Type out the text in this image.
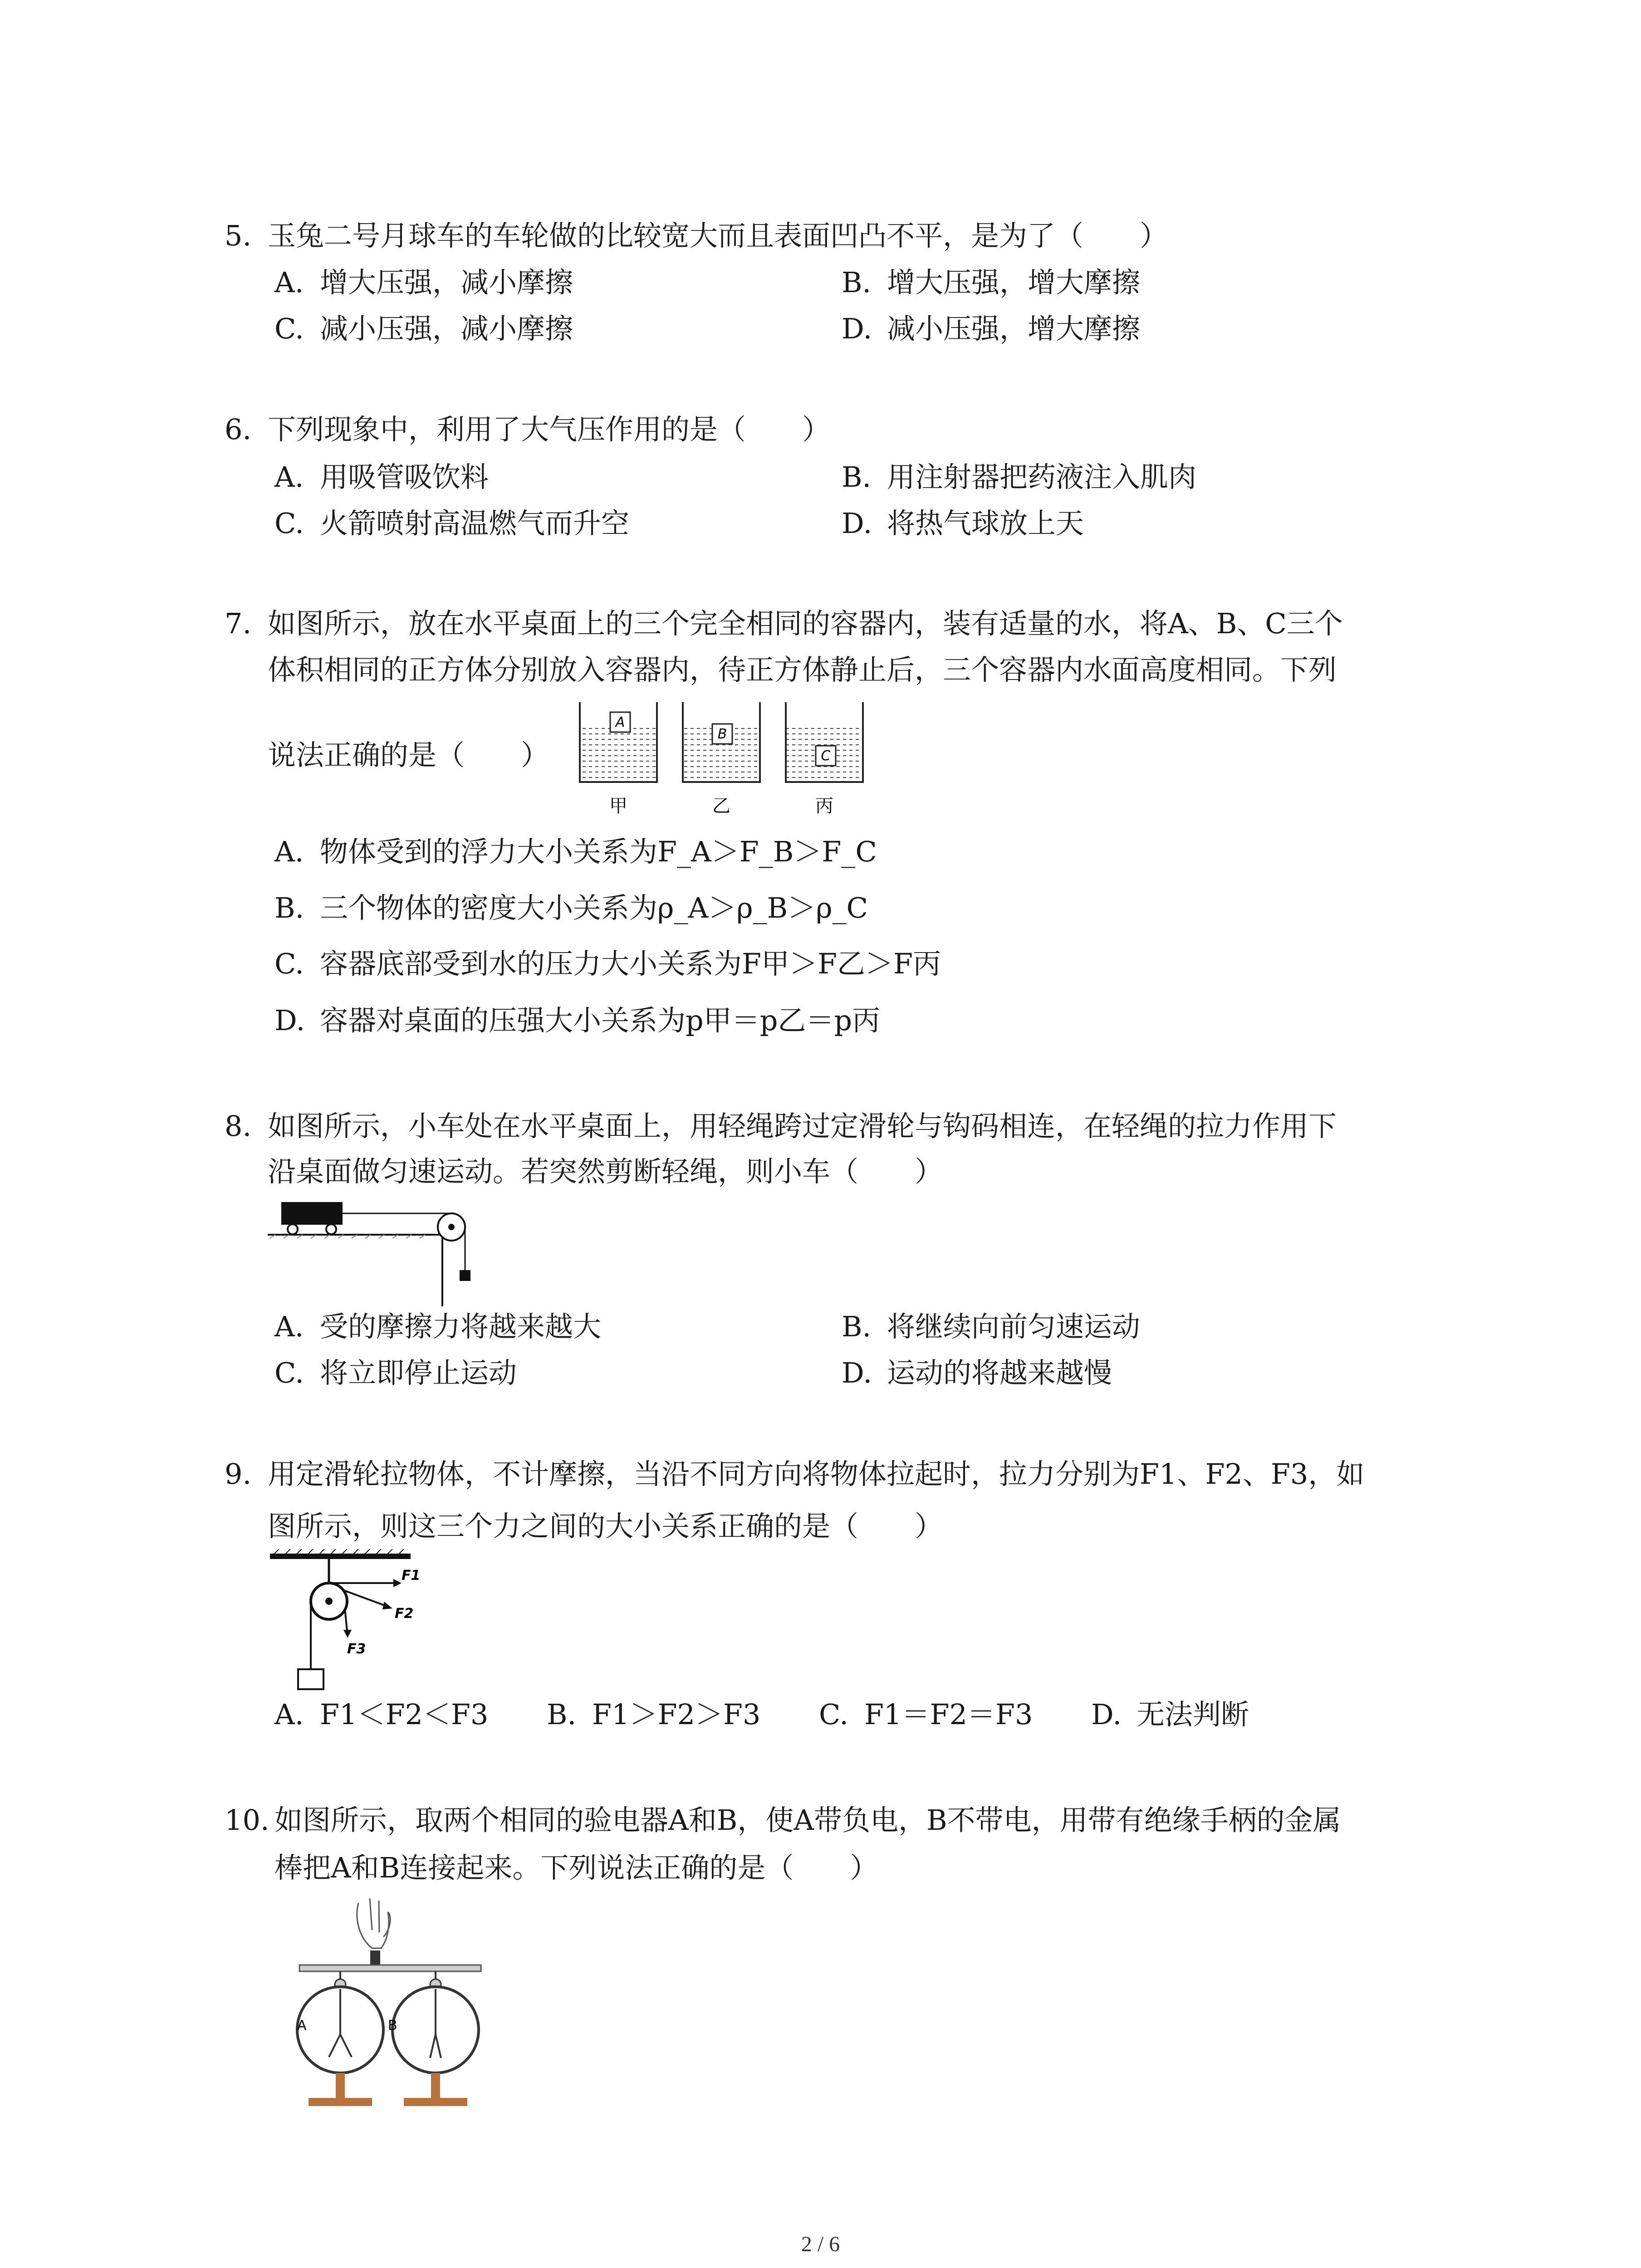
5. 玉兔二号月球车的车轮做的比较宽大而且表面凹凸不平，是为了（　　）
A. 增大压强，减小摩擦	B. 增大压强，增大摩擦
C. 减小压强，减小摩擦	D. 减小压强，增大摩擦
6. 下列现象中，利用了大气压作用的是（　　）
A. 用吸管吸饮料	B. 用注射器把药液注入肌肉
C. 火箭喷射高温燃气而升空	D. 将热气球放上天
7. 如图所示，放在水平桌面上的三个完全相同的容器内，装有适量的水，将A、B、C三个
体积相同的正方体分别放入容器内，待正方体静止后，三个容器内水面高度相同。下列
说法正确的是（　　）
A
B
C
甲	乙	丙
A. 物体受到的浮力大小关系为F_A＞F_B＞F_C
B. 三个物体的密度大小关系为ρ_A＞ρ_B＞ρ_C
C. 容器底部受到水的压力大小关系为F甲＞F乙＞F丙
D. 容器对桌面的压强大小关系为p甲＝p乙＝p丙
8. 如图所示，小车处在水平桌面上，用轻绳跨过定滑轮与钩码相连，在轻绳的拉力作用下
沿桌面做匀速运动。若突然剪断轻绳，则小车（　　）
A. 受的摩擦力将越来越大	B. 将继续向前匀速运动
C. 将立即停止运动	D. 运动的将越来越慢
9. 用定滑轮拉物体，不计摩擦，当沿不同方向将物体拉起时，拉力分别为F1、F2、F3，如
图所示，则这三个力之间的大小关系正确的是（　　）
F1
F2
F3
A. F1＜F2＜F3 B. F1＞F2＞F3 C. F1＝F2＝F3 D. 无法判断
10. 如图所示，取两个相同的验电器A和B，使A带负电，B不带电，用带有绝缘手柄的金属
棒把A和B连接起来。下列说法正确的是（　　）
A	B
2 / 6
